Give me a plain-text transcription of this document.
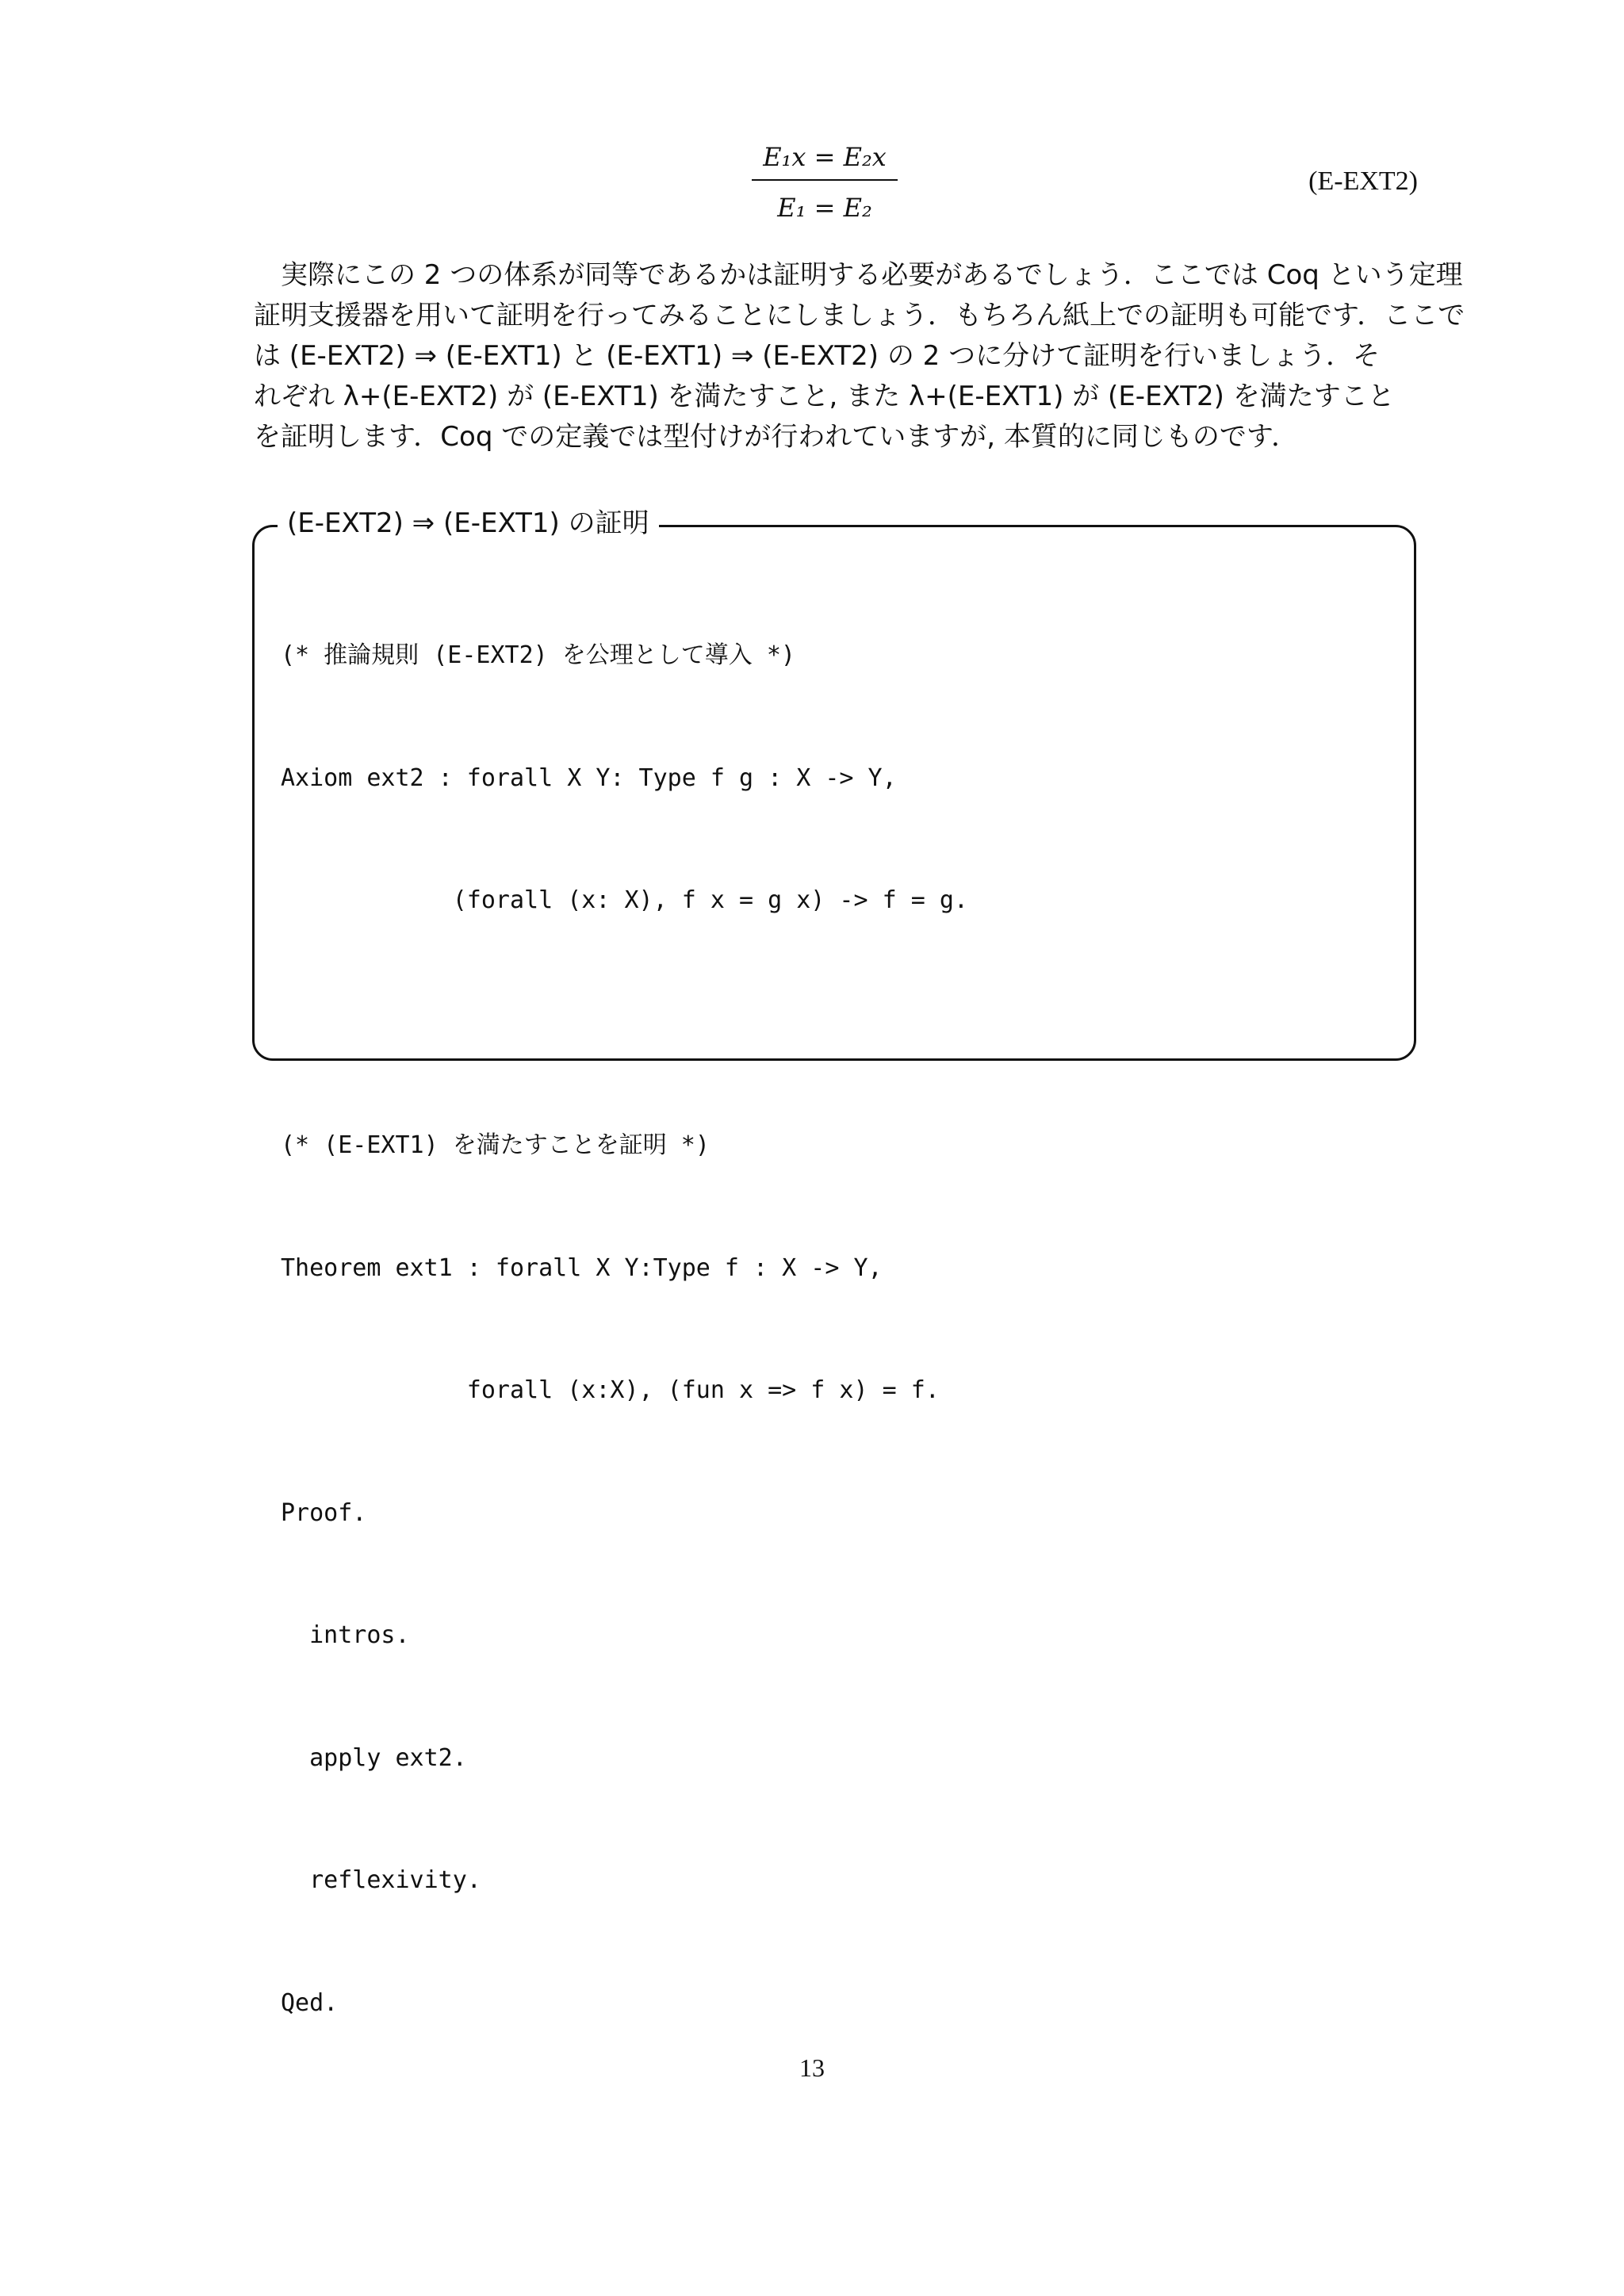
E₁x = E₂x
E₁ = E₂
(E-EXT2)
実際にこの 2 つの体系が同等であるかは証明する必要があるでしょう．ここでは Coq という定理
証明支援器を用いて証明を行ってみることにしましょう．もちろん紙上での証明も可能です．ここで
は (E-EXT2) ⇒ (E-EXT1) と (E-EXT1) ⇒ (E-EXT2) の 2 つに分けて証明を行いましょう．そ
れぞれ λ+(E-EXT2) が (E-EXT1) を満たすこと, また λ+(E-EXT1) が (E-EXT2) を満たすこと
を証明します．Coq での定義では型付けが行われていますが, 本質的に同じものです．
(E-EXT2) ⇒ (E-EXT1) の証明

(* 推論規則 (E-EXT2) を公理として導入 *)

Axiom ext2 : forall X Y: Type f g : X -> Y,

(forall (x: X), f x = g x) -> f = g.

(* (E-EXT1) を満たすことを証明 *)

Theorem ext1 : forall X Y:Type f : X -> Y,

forall (x:X), (fun x => f x) = f.

Proof.

intros.

apply ext2.

reflexivity.

Qed.

13
